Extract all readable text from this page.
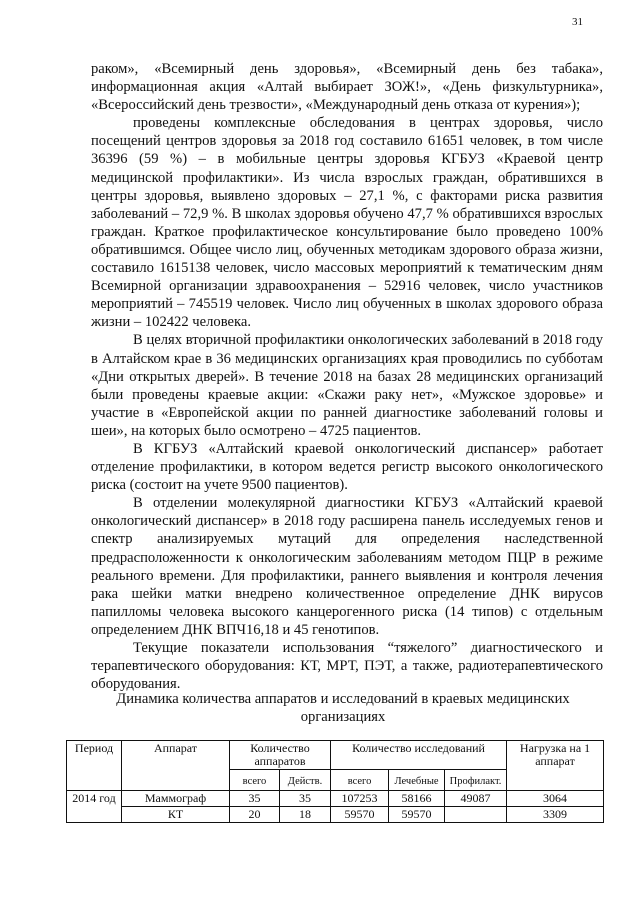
31

раком», «Всемирный день здоровья», «Всемирный день без табака», информационная акция «Алтай выбирает ЗОЖ!», «День физкультурника», «Всероссийский день трезвости», «Международный день отказа от курения»);

проведены комплексные обследования в центрах здоровья, число посещений центров здоровья за 2018 год составило 61651 человек, в том числе 36396 (59 %) – в мобильные центры здоровья КГБУЗ «Краевой центр медицинской профилактики». Из числа взрослых граждан, обратившихся в центры здоровья, выявлено здоровых – 27,1 %, с факторами риска развития заболеваний – 72,9 %. В школах здоровья обучено 47,7 % обратившихся взрослых граждан. Краткое профилактическое консультирование было проведено 100% обратившимся. Общее число лиц, обученных методикам здорового образа жизни, составило 1615138 человек, число массовых мероприятий к тематическим дням Всемирной организации здравоохранения – 52916 человек, число участников мероприятий – 745519 человек. Число лиц обученных в школах здорового образа жизни – 102422 человека.

В целях вторичной профилактики онкологических заболеваний в 2018 году в Алтайском крае в 36 медицинских организациях края проводились по субботам «Дни открытых дверей». В течение 2018 на базах 28 медицинских организаций были проведены краевые акции: «Скажи раку нет», «Мужское здоровье» и участие в «Европейской акции по ранней диагностике заболеваний головы и шеи», на которых было осмотрено – 4725 пациентов.

В КГБУЗ «Алтайский краевой онкологический диспансер» работает отделение профилактики, в котором ведется регистр высокого онкологического риска (состоит на учете 9500 пациентов).

В отделении молекулярной диагностики КГБУЗ «Алтайский краевой онкологический диспансер» в 2018 году расширена панель исследуемых генов и спектр анализируемых мутаций для определения наследственной предрасположенности к онкологическим заболеваниям методом ПЦР в режиме реального времени. Для профилактики, раннего выявления и контроля лечения рака шейки матки внедрено количественное определение ДНК вирусов папилломы человека высокого канцерогенного риска (14 типов) с отдельным определением ДНК ВПЧ16,18 и 45 генотипов.

Текущие показатели использования “тяжелого” диагностического и терапевтического оборудования: КТ, МРТ, ПЭТ, а также, радиотерапевтического оборудования.

Динамика количества аппаратов и исследований в краевых медицинских организациях
Период	Аппарат	Количество аппаратов		Количество исследований			Нагрузка на 1 аппарат
		всего	Действ.	всего	Лечебные	Профилакт.	
2014 год	Маммограф	35	35	107253	58166	49087	3064
	КТ	20	18	59570	59570		3309
